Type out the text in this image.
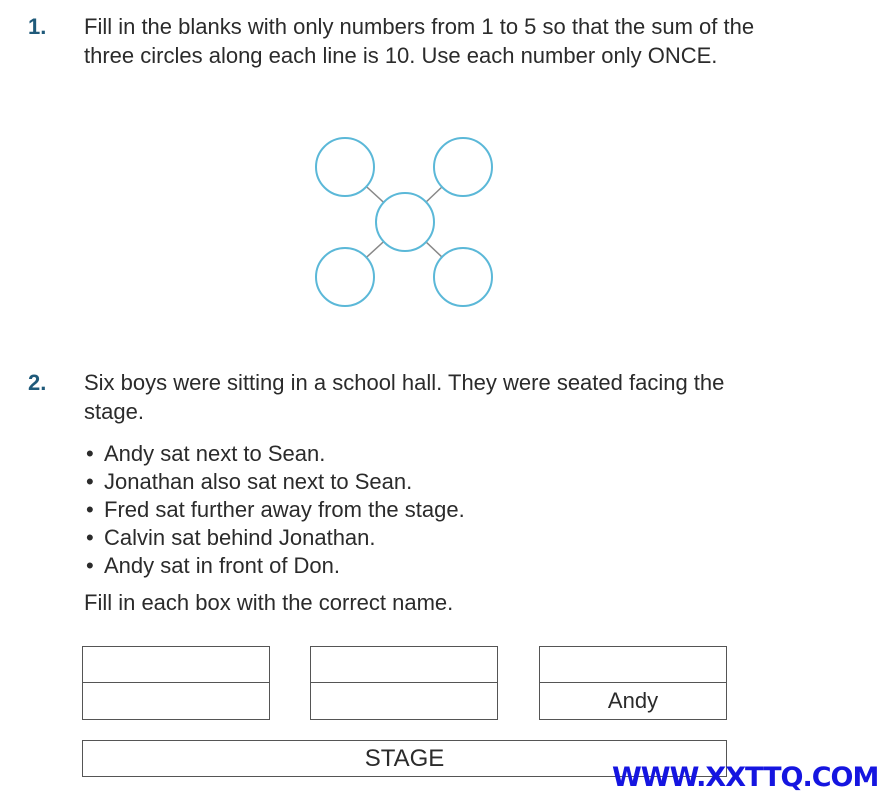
1. Fill in the blanks with only numbers from 1 to 5 so that the sum of the three circles along each line is 10. Use each number only ONCE.
2. Six boys were sitting in a school hall. They were seated facing the stage.
• Andy sat next to Sean.
• Jonathan also sat next to Sean.
• Fred sat further away from the stage.
• Calvin sat behind Jonathan.
• Andy sat in front of Don.
Fill in each box with the correct name.
Andy
STAGE
WWW.XXTTQ.COM
